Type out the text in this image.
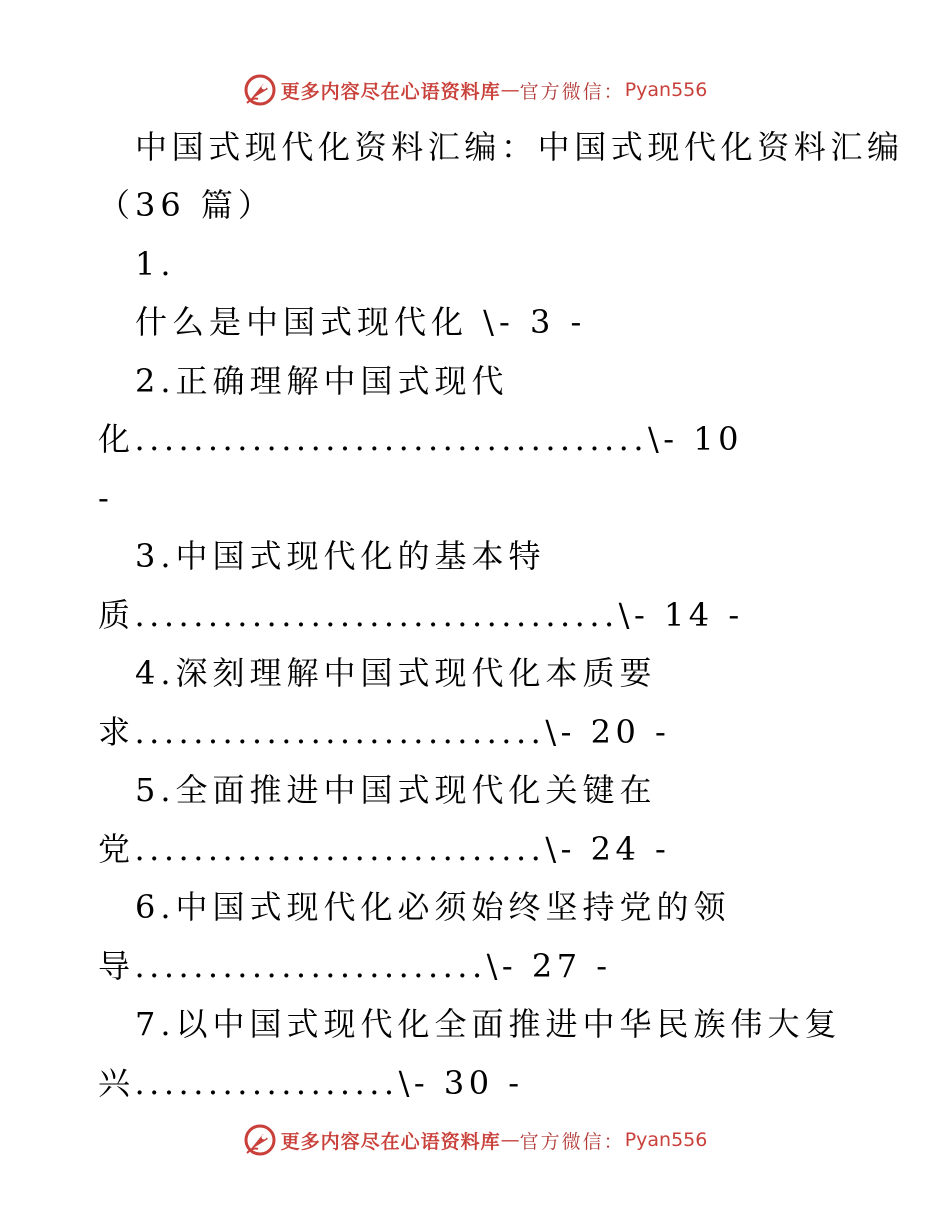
更多内容尽在心语资料库 — 官方微信： Pyan556
中国式现代化资料汇编：中国式现代化资料汇编
（36 篇）
1.
什么是中国式现代化 \- 3 -
2.正确理解中国式现代
化...................................\- 10
-
3.中国式现代化的基本特
质.................................\- 14 -
4.深刻理解中国式现代化本质要
求............................\- 20 -
5.全面推进中国式现代化关键在
党............................\- 24 -
6.中国式现代化必须始终坚持党的领
导........................\- 27 -
7.以中国式现代化全面推进中华民族伟大复
兴..................\- 30 -
更多内容尽在心语资料库 — 官方微信： Pyan556
